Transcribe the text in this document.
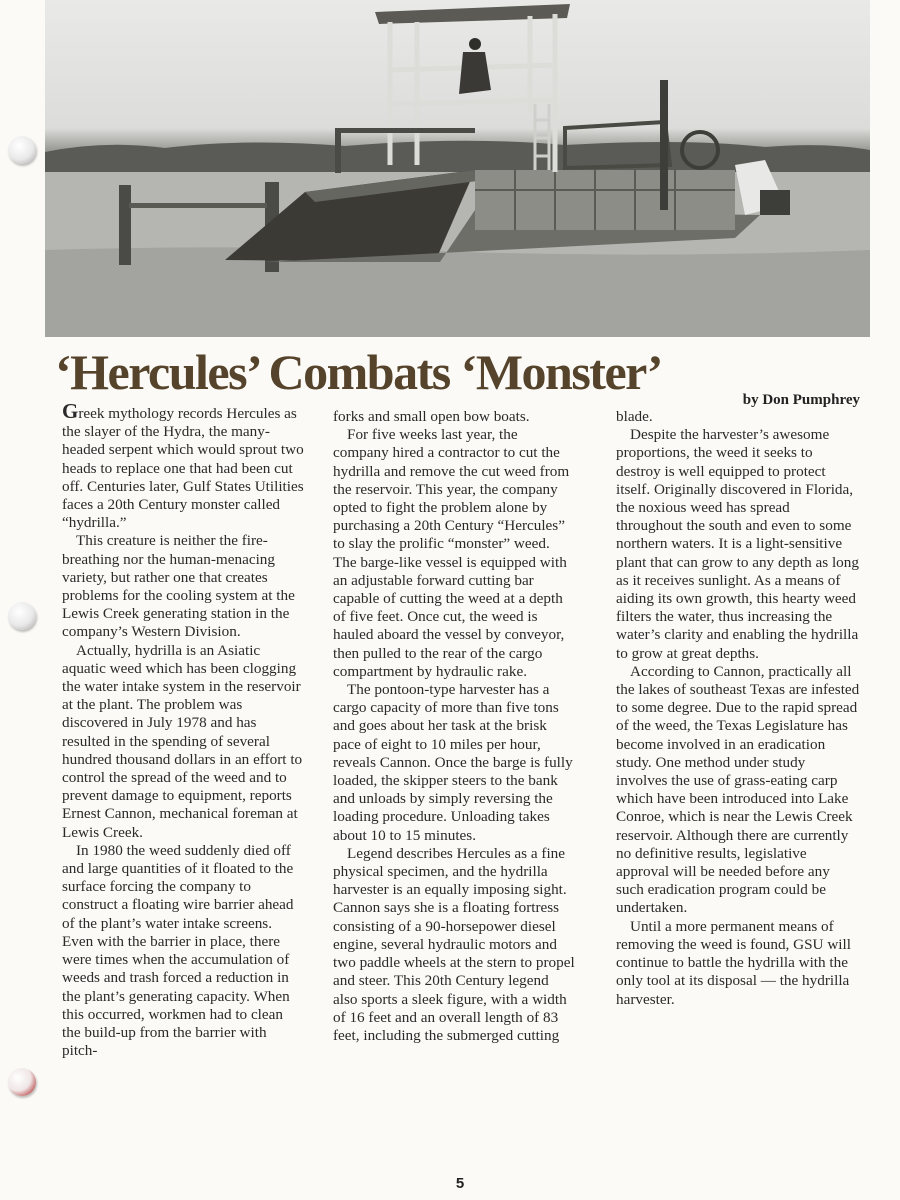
‘Hercules’ Combats ‘Monster’	by Don Pumphrey

Greek mythology records Hercules as the slayer of the Hydra, the many-headed serpent which would sprout two heads to replace one that had been cut off. Centuries later, Gulf States Utilities faces a 20th Century monster called “hydrilla.”

This creature is neither the fire-breathing nor the human-menacing variety, but rather one that creates problems for the cooling system at the Lewis Creek generating station in the company’s Western Division.

Actually, hydrilla is an Asiatic aquatic weed which has been clogging the water intake system in the reservoir at the plant. The problem was discovered in July 1978 and has resulted in the spending of several hundred thousand dollars in an effort to control the spread of the weed and to prevent damage to equipment, reports Ernest Cannon, mechanical foreman at Lewis Creek.

In 1980 the weed suddenly died off and large quantities of it floated to the surface forcing the company to construct a floating wire barrier ahead of the plant’s water intake screens. Even with the barrier in place, there were times when the accumulation of weeds and trash forced a reduction in the plant’s generating capacity. When this occurred, workmen had to clean the build-up from the barrier with pitch-

forks and small open bow boats.

For five weeks last year, the company hired a contractor to cut the hydrilla and remove the cut weed from the reservoir. This year, the company opted to fight the problem alone by purchasing a 20th Century “Hercules” to slay the prolific “monster” weed. The barge-like vessel is equipped with an adjustable forward cutting bar capable of cutting the weed at a depth of five feet. Once cut, the weed is hauled aboard the vessel by conveyor, then pulled to the rear of the cargo compartment by hydraulic rake.

The pontoon-type harvester has a cargo capacity of more than five tons and goes about her task at the brisk pace of eight to 10 miles per hour, reveals Cannon. Once the barge is fully loaded, the skipper steers to the bank and unloads by simply reversing the loading procedure. Unloading takes about 10 to 15 minutes.

Legend describes Hercules as a fine physical specimen, and the hydrilla harvester is an equally imposing sight. Cannon says she is a floating fortress consisting of a 90-horsepower diesel engine, several hydraulic motors and two paddle wheels at the stern to propel and steer. This 20th Century legend also sports a sleek figure, with a width of 16 feet and an overall length of 83 feet, including the submerged cutting

blade.

Despite the harvester’s awesome proportions, the weed it seeks to destroy is well equipped to protect itself. Originally discovered in Florida, the noxious weed has spread throughout the south and even to some northern waters. It is a light-sensitive plant that can grow to any depth as long as it receives sunlight. As a means of aiding its own growth, this hearty weed filters the water, thus increasing the water’s clarity and enabling the hydrilla to grow at great depths.

According to Cannon, practically all the lakes of southeast Texas are infested to some degree. Due to the rapid spread of the weed, the Texas Legislature has become involved in an eradication study. One method under study involves the use of grass-eating carp which have been introduced into Lake Conroe, which is near the Lewis Creek reservoir. Although there are currently no definitive results, legislative approval will be needed before any such eradication program could be undertaken.

Until a more permanent means of removing the weed is found, GSU will continue to battle the hydrilla with the only tool at its disposal — the hydrilla harvester.

5
